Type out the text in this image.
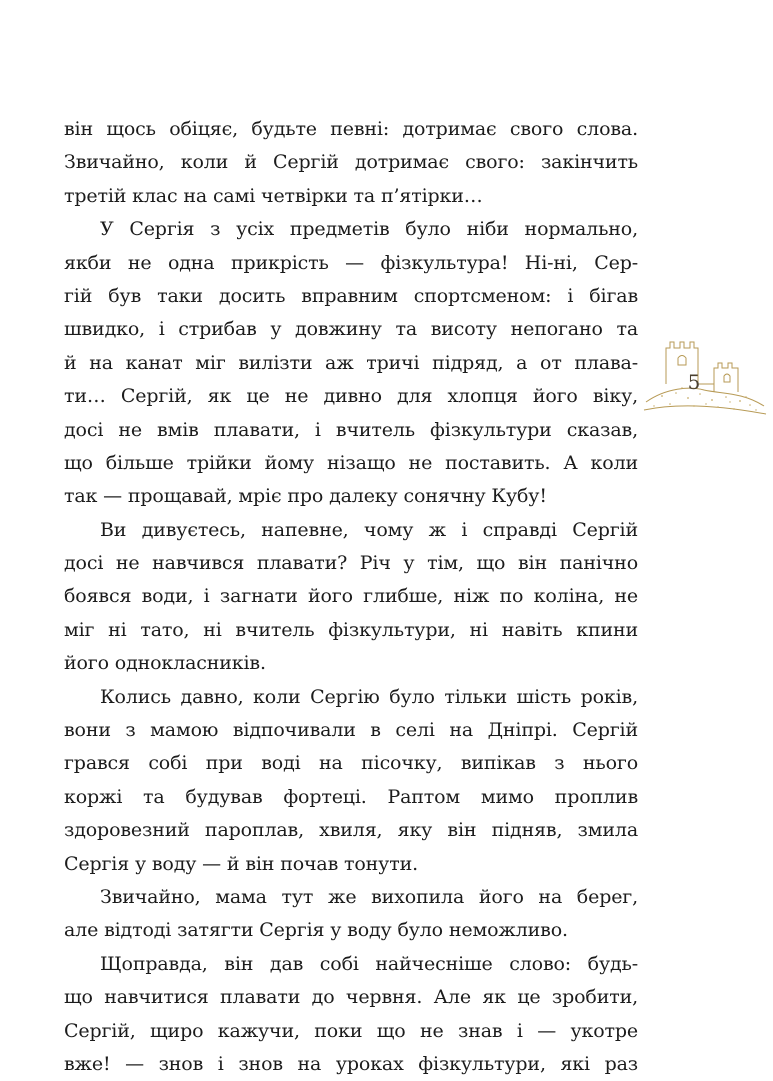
він щось обіцяє, будьте певні: дотримає свого слова.
Звичайно, коли й Сергій дотримає свого: закінчить
третій клас на самі четвірки та п’ятірки…
У Сергія з усіх предметів було ніби нормально,
якби не одна прикрість — фізкультура! Ні-ні, Сер-
гій був таки досить вправним спортсменом: і бігав
швидко, і стрибав у довжину та висоту непогано та
й на канат міг вилізти аж тричі підряд, а от плава-
ти… Сергій, як це не дивно для хлопця його віку,
досі не вмів плавати, і вчитель фізкультури сказав,
що більше трійки йому нізащо не поставить. А коли
так — прощавай, мріє про далеку сонячну Кубу!
Ви дивуєтесь, напевне, чому ж і справді Сергій
досі не навчився плавати? Річ у тім, що він панічно
боявся води, і загнати його глибше, ніж по коліна, не
міг ні тато, ні вчитель фізкультури, ні навіть кпини
його однокласників.
Колись давно, коли Сергію було тільки шість років,
вони з мамою відпочивали в селі на Дніпрі. Сергій
грався собі при воді на пісочку, випікав з нього
коржі та будував фортеці. Раптом мимо проплив
здоровезний пароплав, хвиля, яку він підняв, змила
Сергія у воду — й він почав тонути.
Звичайно, мама тут же вихопила його на берег,
але відтоді затягти Сергія у воду було неможливо.
Щоправда, він дав собі найчесніше слово: будь-
що навчитися плавати до червня. Але як це зробити,
Сергій, щиро кажучи, поки що не знав і — укотре
вже! — знов і знов на уроках фізкультури, які раз
5
